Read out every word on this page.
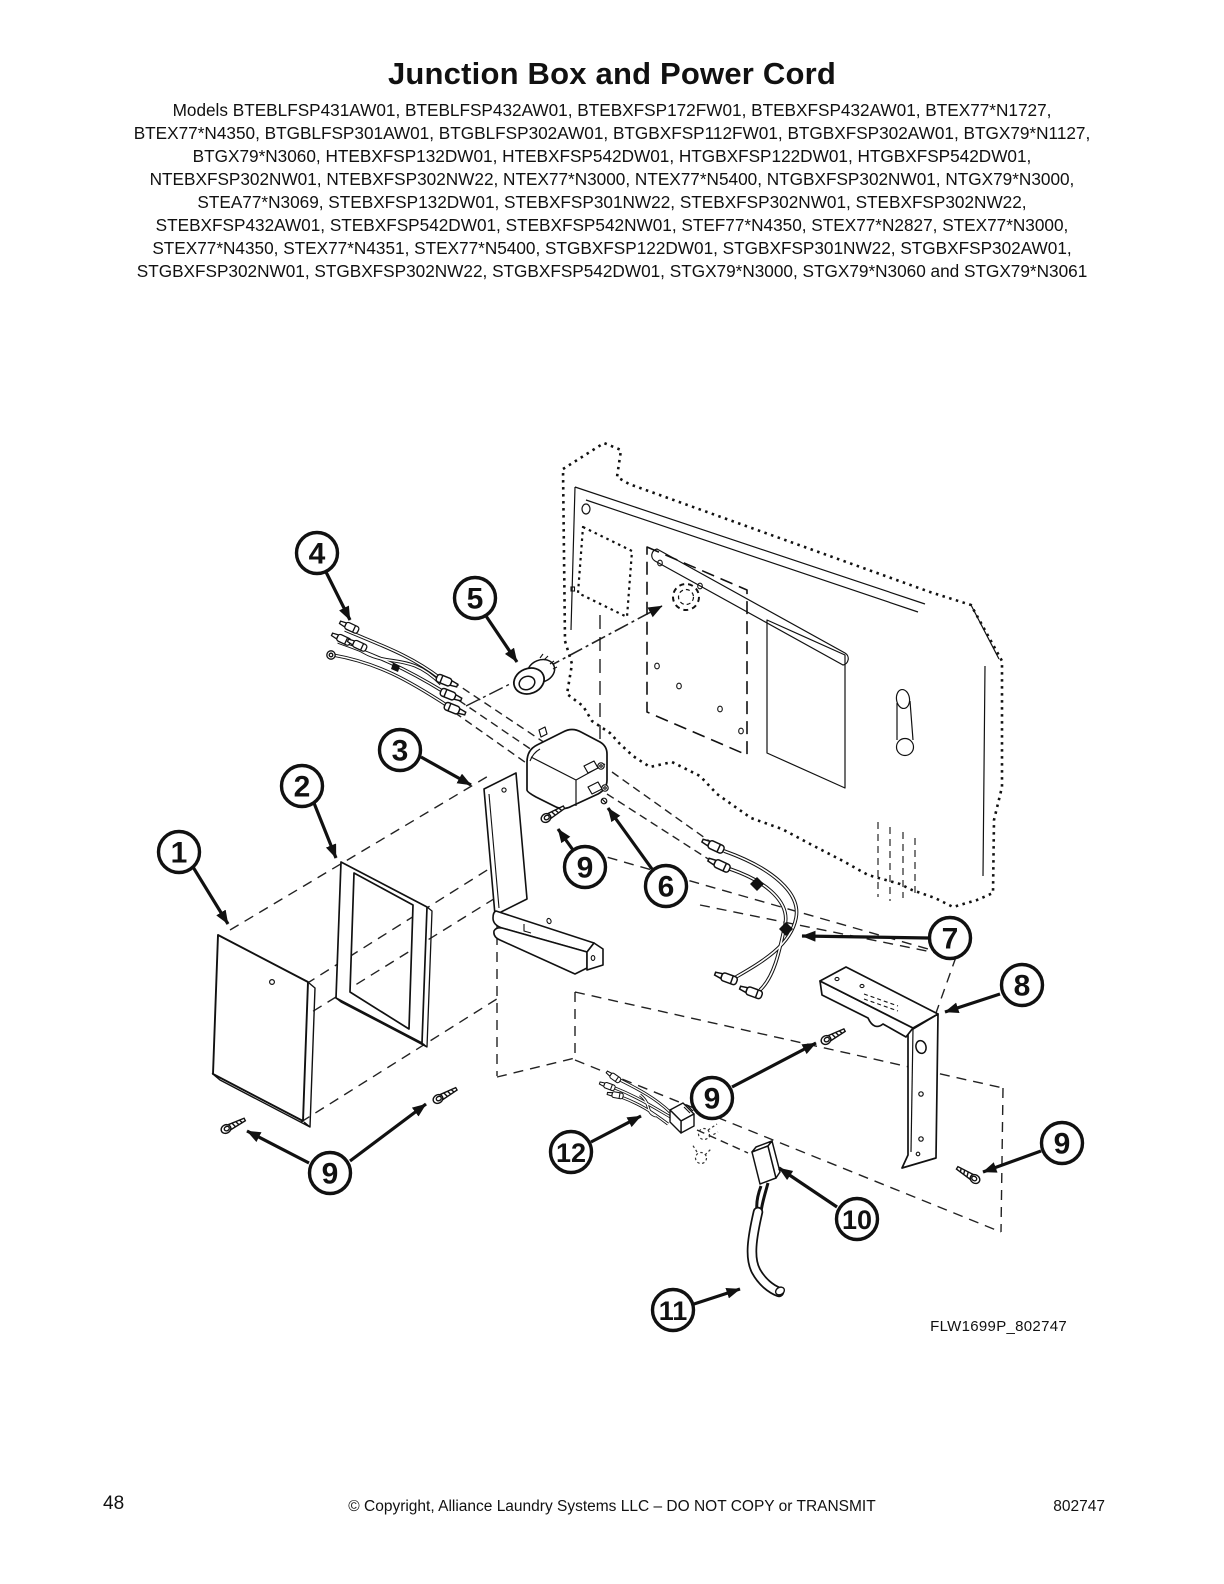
Junction Box and Power Cord
Models BTEBLFSP431AW01, BTEBLFSP432AW01, BTEBXFSP172FW01, BTEBXFSP432AW01, BTEX77*N1727,
BTEX77*N4350, BTGBLFSP301AW01, BTGBLFSP302AW01, BTGBXFSP112FW01, BTGBXFSP302AW01, BTGX79*N1127,
BTGX79*N3060, HTEBXFSP132DW01, HTEBXFSP542DW01, HTGBXFSP122DW01, HTGBXFSP542DW01,
NTEBXFSP302NW01, NTEBXFSP302NW22, NTEX77*N3000, NTEX77*N5400, NTGBXFSP302NW01, NTGX79*N3000,
STEA77*N3069, STEBXFSP132DW01, STEBXFSP301NW22, STEBXFSP302NW01, STEBXFSP302NW22,
STEBXFSP432AW01, STEBXFSP542DW01, STEBXFSP542NW01, STEF77*N4350, STEX77*N2827, STEX77*N3000,
STEX77*N4350, STEX77*N4351, STEX77*N5400, STGBXFSP122DW01, STGBXFSP301NW22, STGBXFSP302AW01,
STGBXFSP302NW01, STGBXFSP302NW22, STGBXFSP542DW01, STGX79*N3000, STGX79*N3060 and STGX79*N3061
1
2
3
4
5
6
7
8
9
9
9
9
10
11
12
FLW1699P_802747
48	© Copyright, Alliance Laundry Systems LLC – DO NOT COPY or TRANSMIT	802747
